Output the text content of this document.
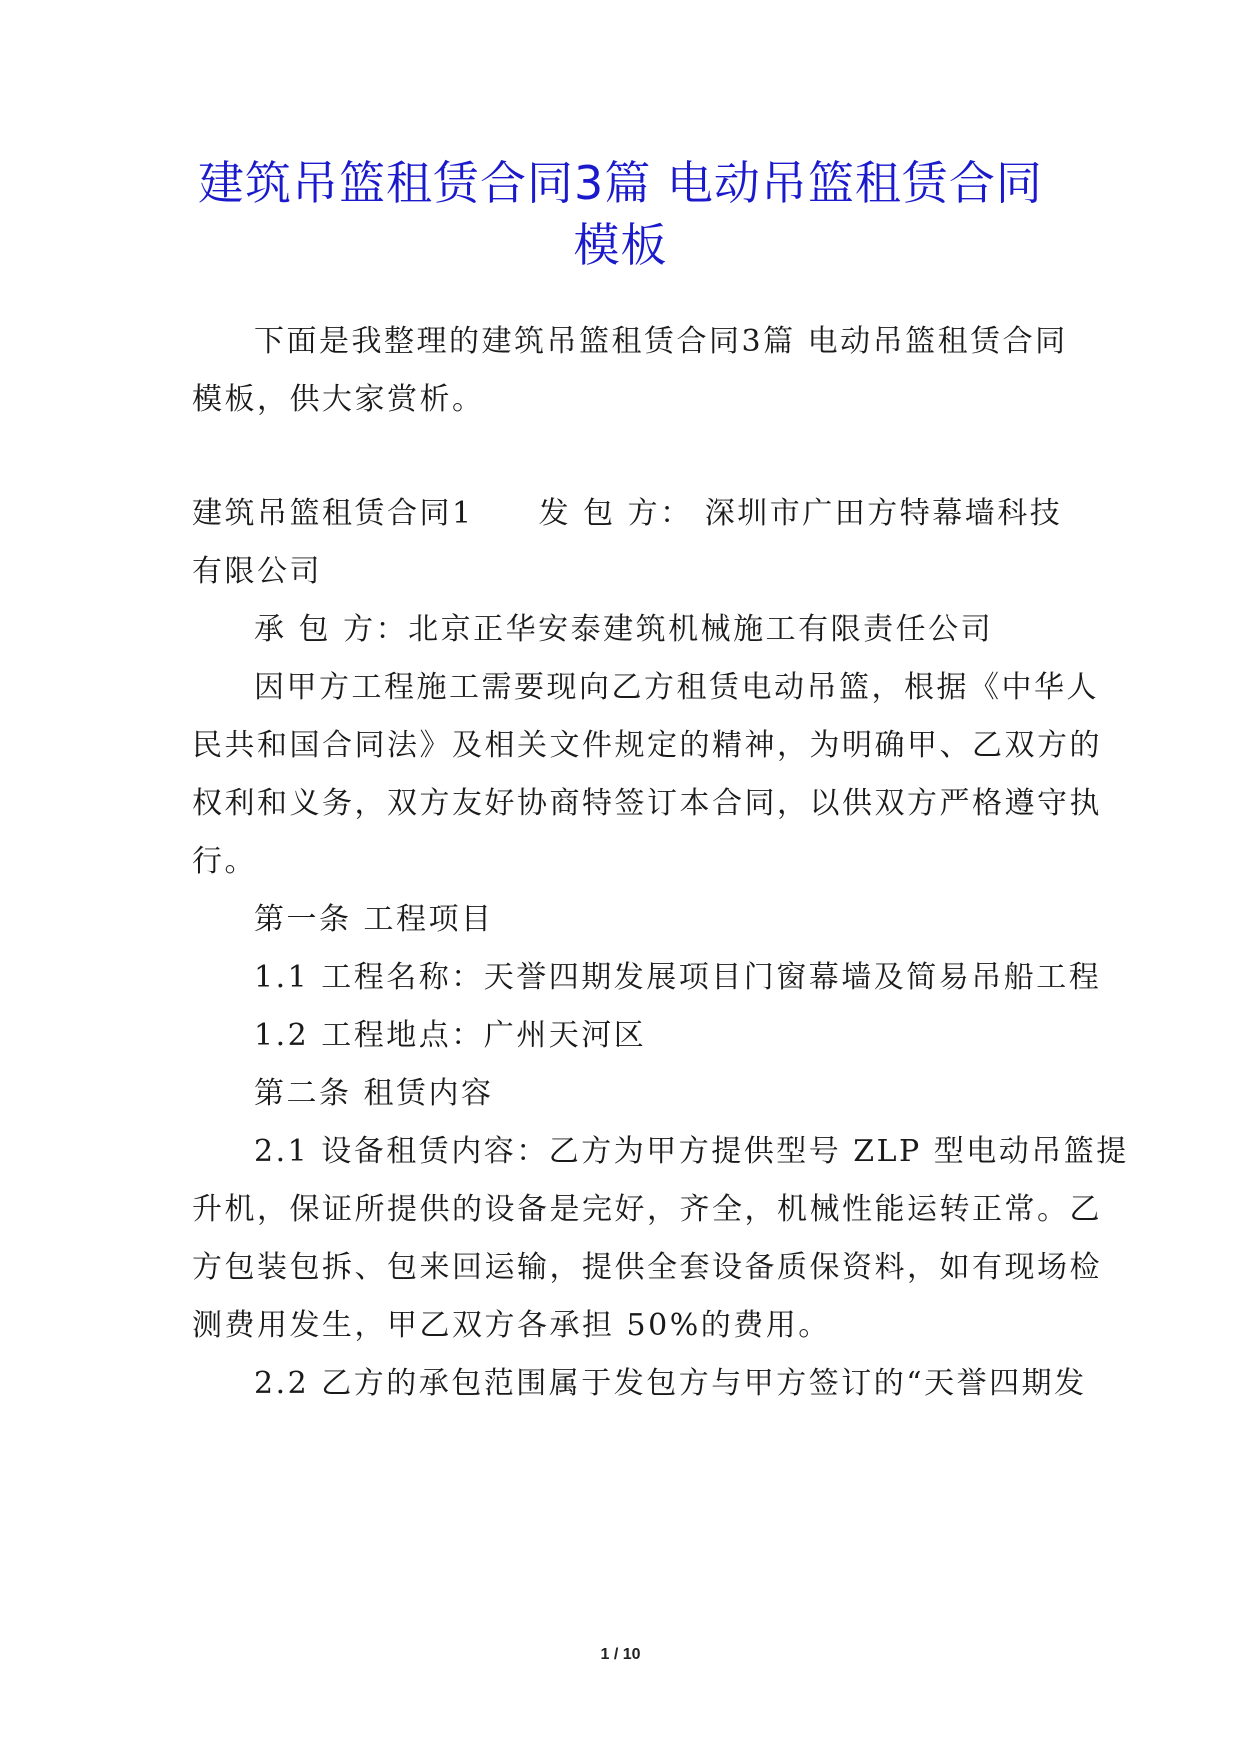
建筑吊篮租赁合同3篇 电动吊篮租赁合同
模板
下面是我整理的建筑吊篮租赁合同3篇 电动吊篮租赁合同
模板，供大家赏析。
建筑吊篮租赁合同1　　发 包 方： 深圳市广田方特幕墙科技
有限公司
承 包 方：北京正华安泰建筑机械施工有限责任公司
因甲方工程施工需要现向乙方租赁电动吊篮，根据《中华人
民共和国合同法》及相关文件规定的精神，为明确甲、乙双方的
权利和义务，双方友好协商特签订本合同，以供双方严格遵守执
行。
第一条 工程项目
1.1 工程名称：天誉四期发展项目门窗幕墙及简易吊船工程
1.2 工程地点：广州天河区
第二条 租赁内容
2.1 设备租赁内容：乙方为甲方提供型号 ZLP 型电动吊篮提
升机，保证所提供的设备是完好，齐全，机械性能运转正常。乙
方包装包拆、包来回运输，提供全套设备质保资料，如有现场检
测费用发生，甲乙双方各承担 50%的费用。
2.2 乙方的承包范围属于发包方与甲方签订的“天誉四期发
1 / 10
